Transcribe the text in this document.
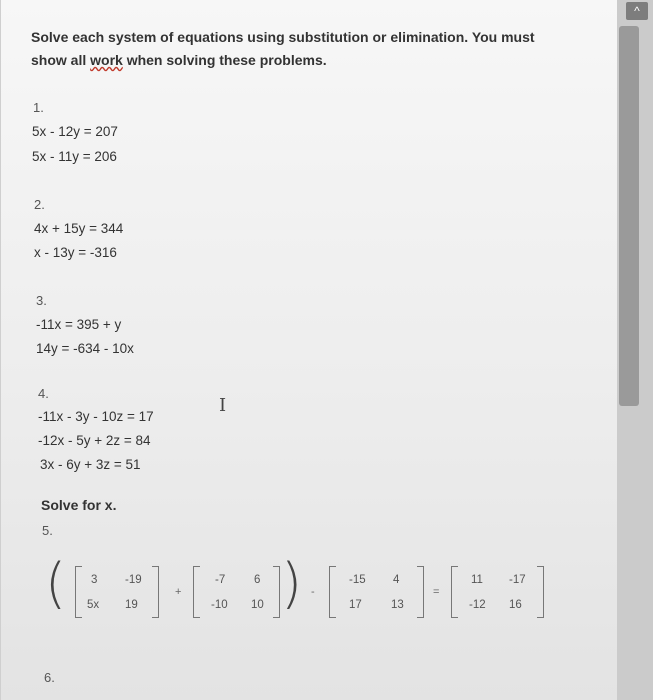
^
Solve each system of equations using substitution or elimination. You must
show all work when solving these problems.
1.
5x - 12y = 207
5x - 11y = 206
2.
4x + 15y = 344
x - 13y = -316
3.
-11x = 395 + y
14y = -634 - 10x
4.
-11x - 3y - 10z = 17
-12x - 5y + 2z = 84
3x - 6y + 3z = 51
I
Solve for x.
5.
( 3 -19
5x 19
+
-7	6
-10 10 ) -
-15 4
17	13
=
11 -17
-12 16
6.
